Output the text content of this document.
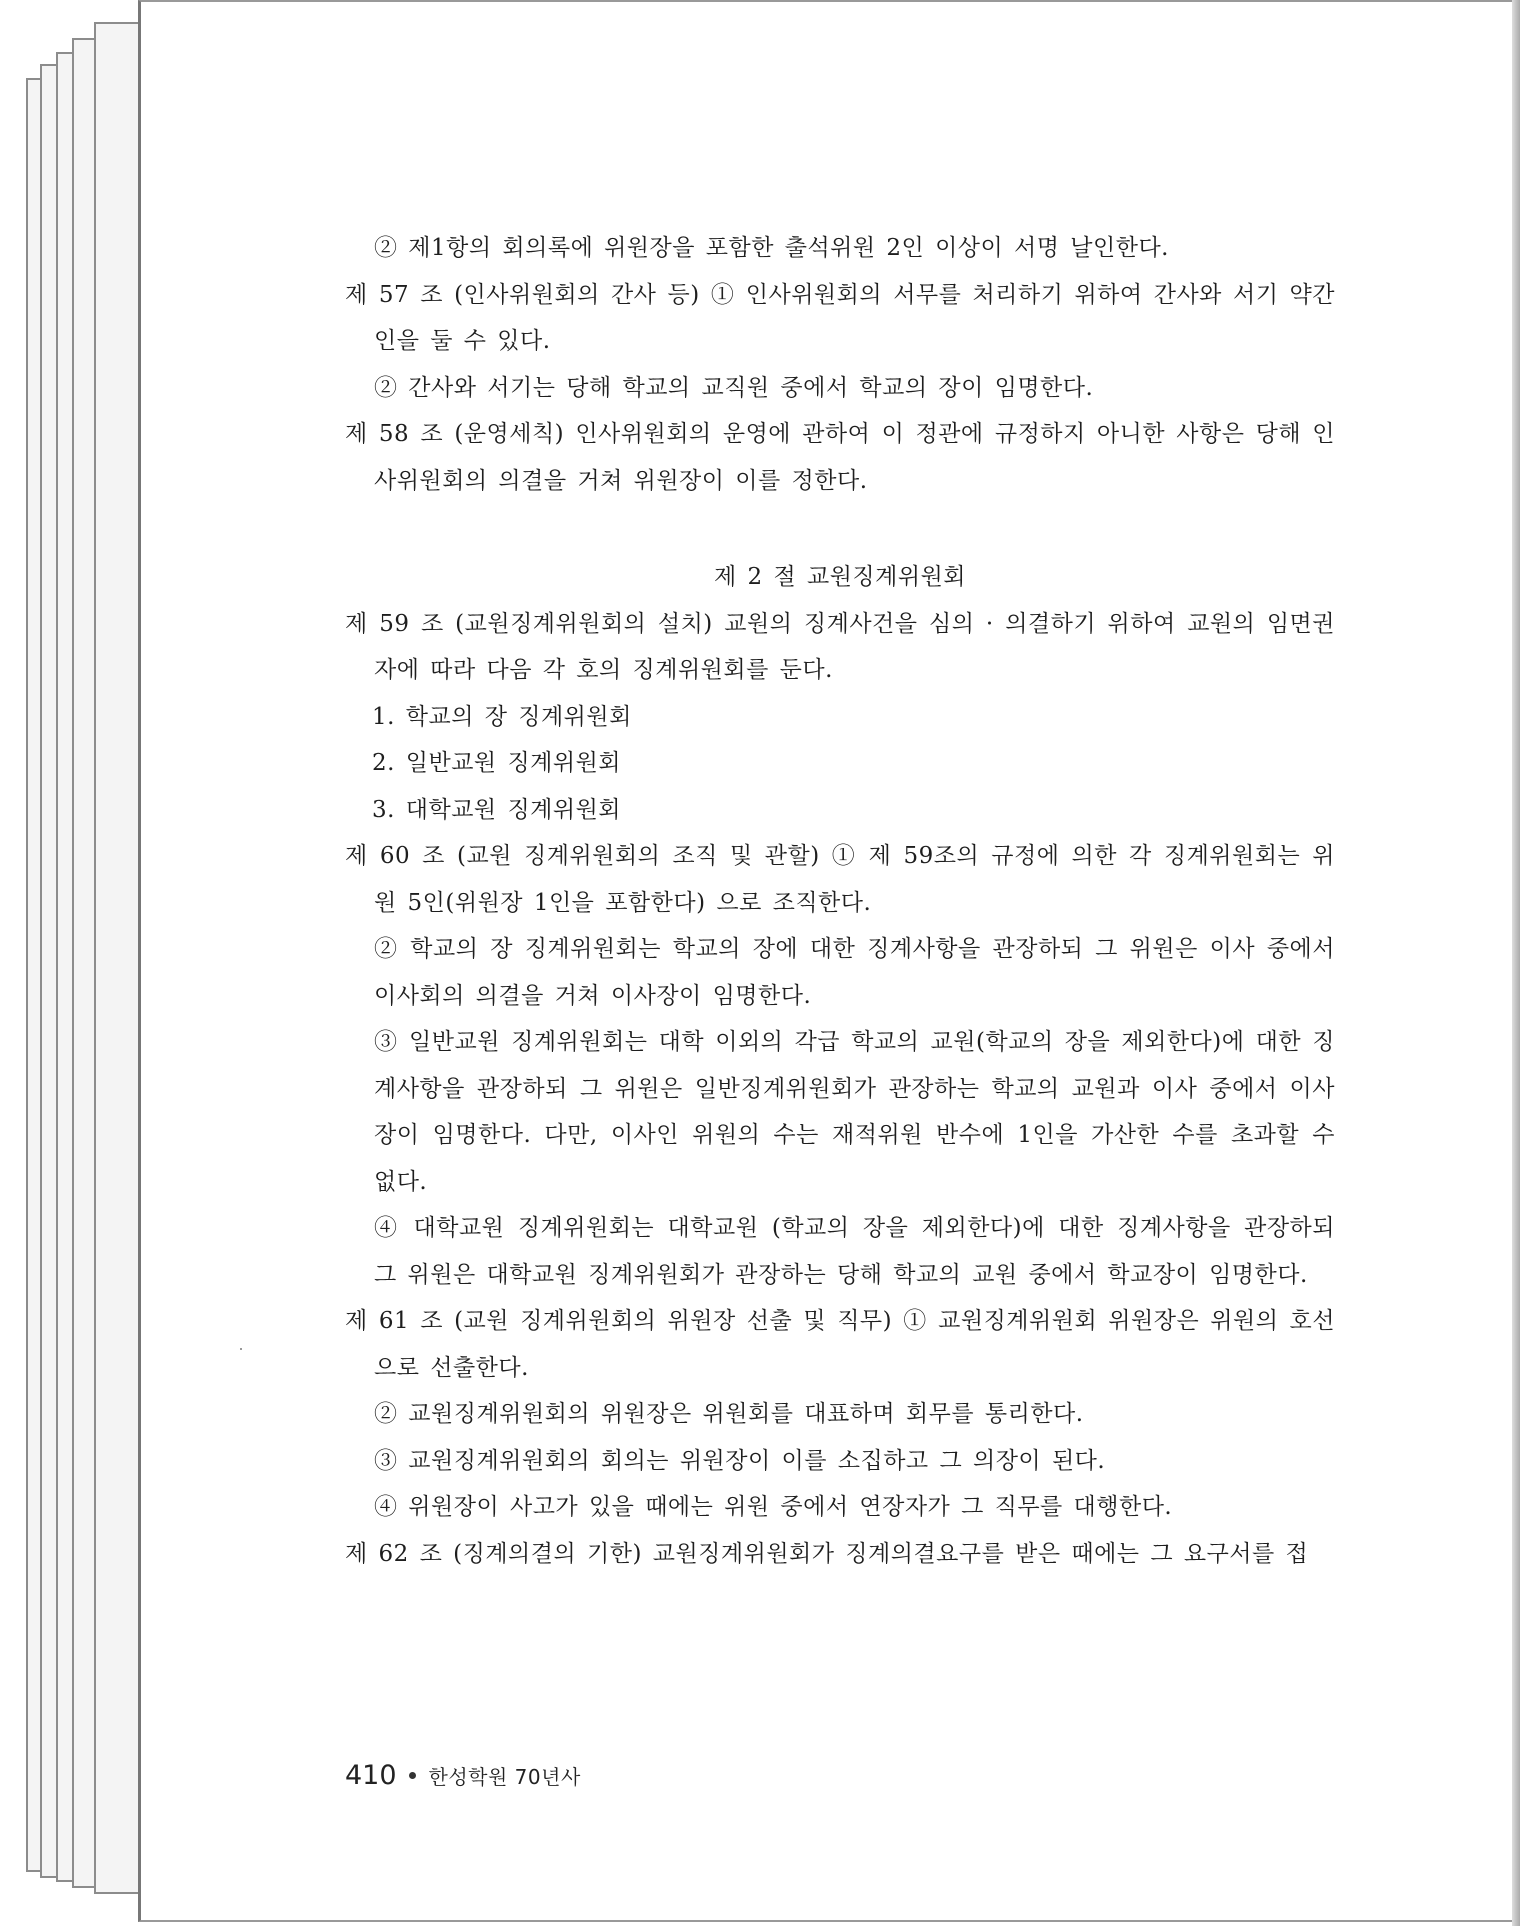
② 제1항의 회의록에 위원장을 포함한 출석위원 2인 이상이 서명 날인한다.

제 57 조 (인사위원회의 간사 등) ① 인사위원회의 서무를 처리하기 위하여 간사와 서기 약간인을 둘 수 있다.

② 간사와 서기는 당해 학교의 교직원 중에서 학교의 장이 임명한다.

제 58 조 (운영세칙) 인사위원회의 운영에 관하여 이 정관에 규정하지 아니한 사항은 당해 인사위원회의 의결을 거쳐 위원장이 이를 정한다.

제 2 절 교원징계위원회

제 59 조 (교원징계위원회의 설치) 교원의 징계사건을 심의 · 의결하기 위하여 교원의 임면권자에 따라 다음 각 호의 징계위원회를 둔다.

1. 학교의 장 징계위원회

2. 일반교원 징계위원회

3. 대학교원 징계위원회

제 60 조 (교원 징계위원회의 조직 및 관할) ① 제 59조의 규정에 의한 각 징계위원회는 위원 5인(위원장 1인을 포함한다) 으로 조직한다.

② 학교의 장 징계위원회는 학교의 장에 대한 징계사항을 관장하되 그 위원은 이사 중에서 이사회의 의결을 거쳐 이사장이 임명한다.

③ 일반교원 징계위원회는 대학 이외의 각급 학교의 교원(학교의 장을 제외한다)에 대한 징계사항을 관장하되 그 위원은 일반징계위원회가 관장하는 학교의 교원과 이사 중에서 이사장이 임명한다. 다만, 이사인 위원의 수는 재적위원 반수에 1인을 가산한 수를 초과할 수 없다.

④ 대학교원 징계위원회는 대학교원 (학교의 장을 제외한다)에 대한 징계사항을 관장하되 그 위원은 대학교원 징계위원회가 관장하는 당해 학교의 교원 중에서 학교장이 임명한다.

제 61 조 (교원 징계위원회의 위원장 선출 및 직무) ① 교원징계위원회 위원장은 위원의 호선으로 선출한다.

② 교원징계위원회의 위원장은 위원회를 대표하며 회무를 통리한다.

③ 교원징계위원회의 회의는 위원장이 이를 소집하고 그 의장이 된다.

④ 위원장이 사고가 있을 때에는 위원 중에서 연장자가 그 직무를 대행한다.

제 62 조 (징계의결의 기한) 교원징계위원회가 징계의결요구를 받은 때에는 그 요구서를 접

410 한성학원 70년사
